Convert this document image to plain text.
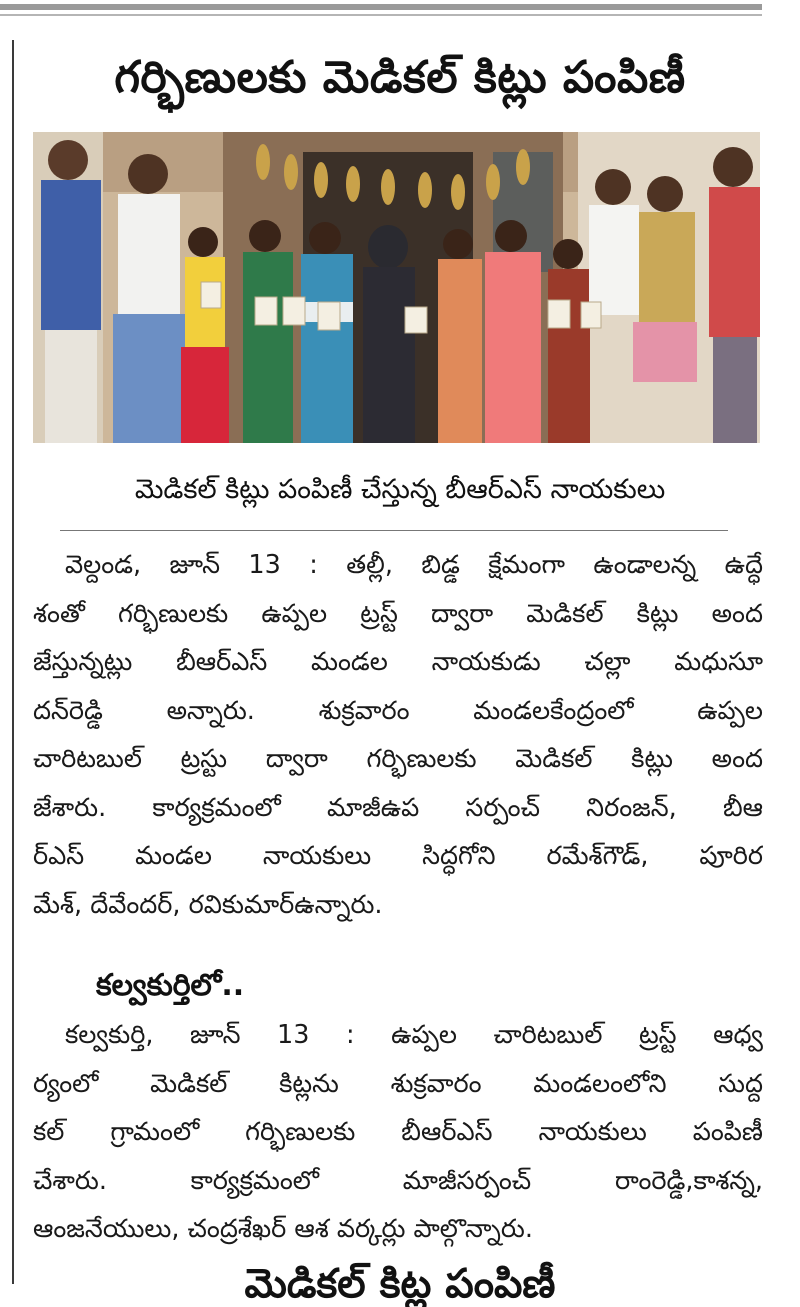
గర్భిణులకు మెడికల్‌ కిట్లు పంపిణీ
మెడికల్‌ కిట్లు పంపిణీ చేస్తున్న బీఆర్‌ఎస్‌ నాయకులు
వెల్దండ, జూన్‌ 13 : తల్లీ, బిడ్డ క్షేమంగా ఉండాలన్న ఉద్ధే
శంతో గర్భిణులకు ఉప్పల ట్రస్ట్‌ ద్వారా మెడికల్‌ కిట్లు అంద
జేస్తున్నట్లు బీఆర్‌ఎస్‌ మండల నాయకుడు చల్లా మధుసూ
దన్‌రెడ్డి అన్నారు. శుక్రవారం మండలకేంద్రంలో ఉప్పల
చారిటబుల్‌ ట్రస్టు ద్వారా గర్భిణులకు మెడికల్‌ కిట్లు అంద
జేశారు. కార్యక్రమంలో మాజీఉప సర్పంచ్‌ నిరంజన్‌, బీఆ
ర్‌ఎస్‌ మండల నాయకులు సిద్ధగోని రమేశ్‌గౌడ్‌, పూరిర
మేశ్‌, దేవేందర్‌, రవికుమార్‌ఉన్నారు.
కల్వకుర్తిలో..
కల్వకుర్తి, జూన్‌ 13 : ఉప్పల చారిటబుల్‌ ట్రస్ట్‌ ఆధ్వ
ర్యంలో మెడికల్‌ కిట్లను శుక్రవారం మండలంలోని సుద్ద
కల్‌ గ్రామంలో గర్భిణులకు బీఆర్‌ఎస్‌ నాయకులు పంపిణీ
చేశారు. కార్యక్రమంలో మాజీసర్పంచ్‌ రాంరెడ్డి,కాశన్న,
ఆంజనేయులు, చంద్రశేఖర్‌ ఆశ వర్కర్లు పాల్గొన్నారు.
మెడికల్‌ కిట్ల పంపిణీ
